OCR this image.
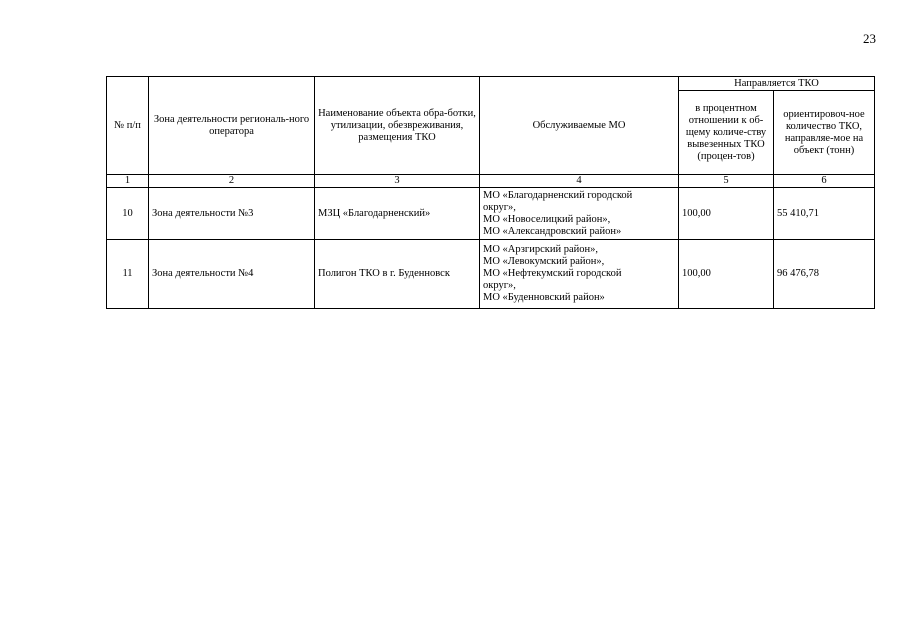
23
№ п/п	Зона деятельности региональ-ного оператора	Наименование объекта обра-ботки, утилизации, обезвреживания, размещения ТКО	Обслуживаемые МО	Направляется ТКО	
				в процентном отношении к об-щему количе-ству вывезенных ТКО (процен-тов)	ориентировоч-ное количество ТКО, направляе-мое на объект (тонн)
1	2	3	4	5	6
10	Зона деятельности №3	МЗЦ «Благодарненский»	МО «Благодарненский городской
округ»,
МО «Новоселицкий район»,
МО «Александровский район»	100,00	55 410,71
11	Зона деятельности №4	Полигон ТКО в г. Буденновск	МО «Арзгирский район»,
МО «Левокумский район»,
МО «Нефтекумский городской
округ»,
МО «Буденновский район»	100,00	96 476,78
